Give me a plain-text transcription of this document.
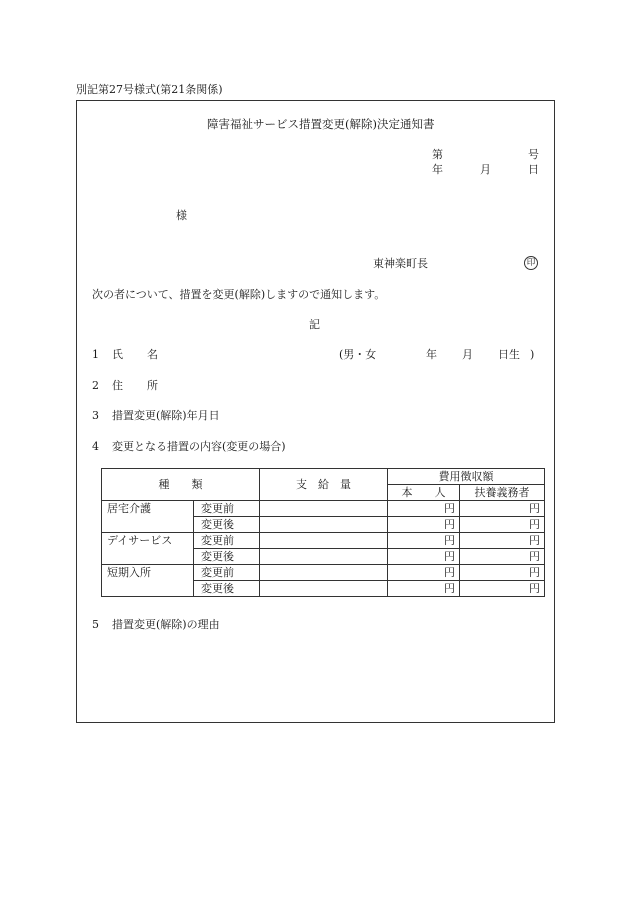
別記第27号様式(第21条関係)
障害福祉サービス措置変更(解除)決定通知書
第	号
年	月	日
様
東神楽町長	印
次の者について、措置を変更(解除)しますので通知します。
記
1 氏 名	(男・女	年 月 日生 )
2 住 所
3 措置変更(解除)年月日
4 変更となる措置の内容(変更の場合)
種　　類		支　給　量	費用徴収額	
			本　　人	扶養義務者
居宅介護	変更前		円	円
	変更後		円	円
デイサービス	変更前		円	円
	変更後		円	円
短期入所	変更前		円	円
	変更後		円	円
5 措置変更(解除)の理由
